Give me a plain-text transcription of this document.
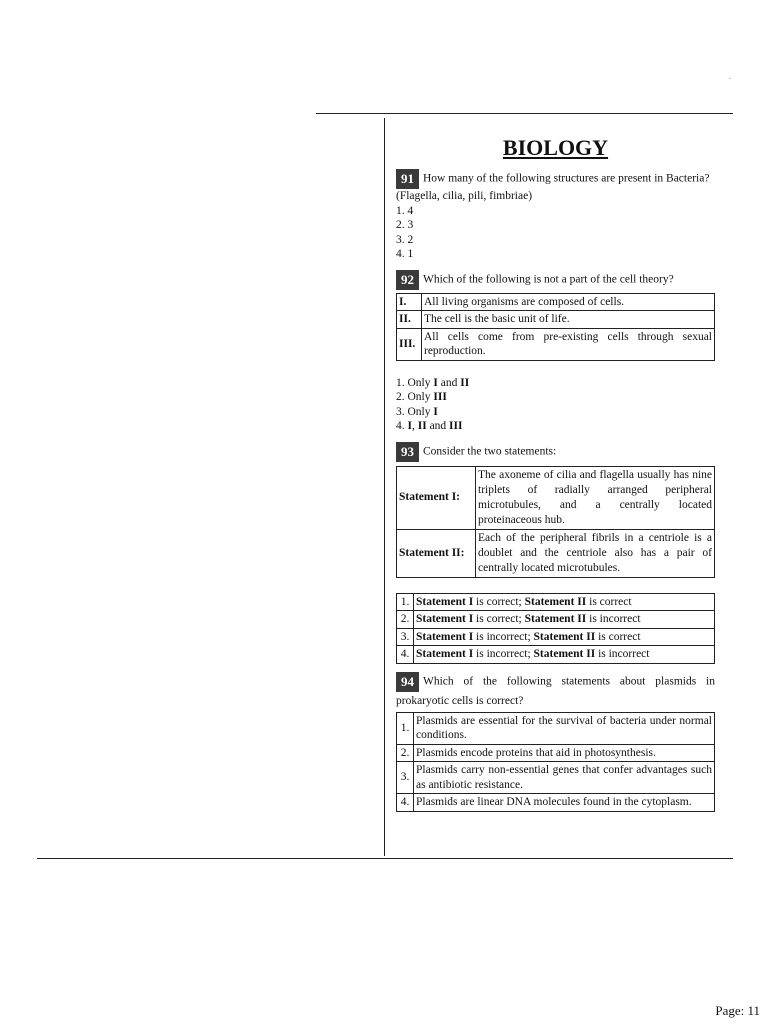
.
BIOLOGY
91 How many of the following structures are present in Bacteria?
(Flagella, cilia, pili, fimbriae)
1. 4
2. 3
3. 2
4. 1
92 Which of the following is not a part of the cell theory?
I.	All living organisms are composed of cells.
II.	The cell is the basic unit of life.
III.	All cells come from pre-existing cells through sexual reproduction.
1. Only I and II
2. Only III
3. Only I
4. I, II and III
93 Consider the two statements:
Statement I:	The axoneme of cilia and flagella usually has nine triplets of radially arranged peripheral microtubules, and a centrally located proteinaceous hub.
Statement II:	Each of the peripheral fibrils in a centriole is a doublet and the centriole also has a pair of centrally located microtubules.
1.	Statement I is correct; Statement II is correct
2.	Statement I is correct; Statement II is incorrect
3.	Statement I is incorrect; Statement II is correct
4.	Statement I is incorrect; Statement II is incorrect
94 Which of the following statements about plasmids in prokaryotic cells is correct?
1.	Plasmids are essential for the survival of bacteria under normal conditions.
2.	Plasmids encode proteins that aid in photosynthesis.
3.	Plasmids carry non-essential genes that confer advantages such as antibiotic resistance.
4.	Plasmids are linear DNA molecules found in the cytoplasm.
Page: 11
